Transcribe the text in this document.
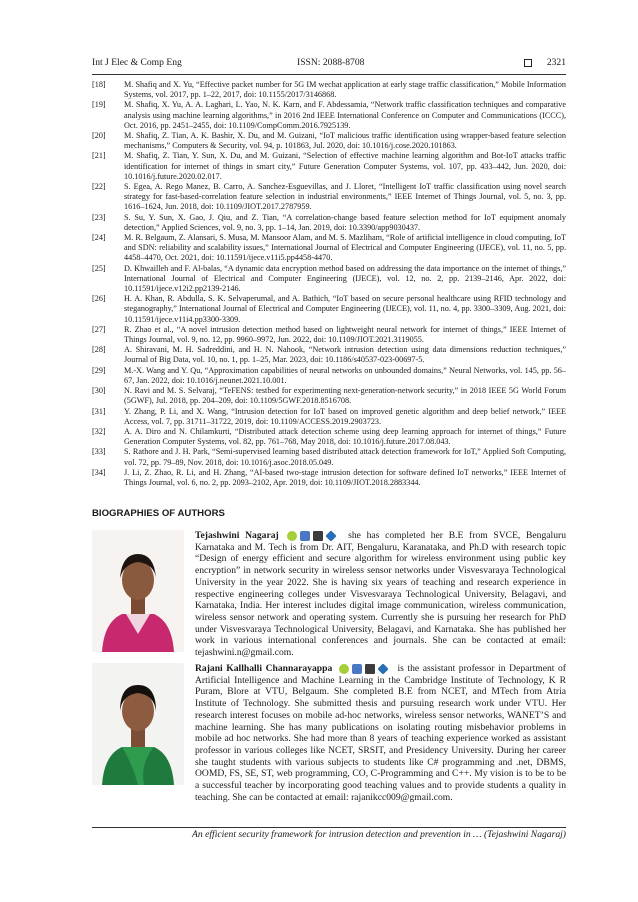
Int J Elec & Comp Eng	ISSN: 2088-8708	2321
[18] M. Shafiq and X. Yu, “Effective packet number for 5G IM wechat application at early stage traffic classification,” Mobile Information Systems, vol. 2017, pp. 1–22, 2017, doi: 10.1155/2017/3146868.
[19] M. Shafiq, X. Yu, A. A. Laghari, L. Yao, N. K. Karn, and F. Abdessamia, “Network traffic classification techniques and comparative analysis using machine learning algorithms,” in 2016 2nd IEEE International Conference on Computer and Communications (ICCC), Oct. 2016, pp. 2451–2455, doi: 10.1109/CompComm.2016.7925139.
[20] M. Shafiq, Z. Tian, A. K. Bashir, X. Du, and M. Guizani, “IoT malicious traffic identification using wrapper-based feature selection mechanisms,” Computers & Security, vol. 94, p. 101863, Jul. 2020, doi: 10.1016/j.cose.2020.101863.
[21] M. Shafiq, Z. Tian, Y. Sun, X. Du, and M. Guizani, “Selection of effective machine learning algorithm and Bot-IoT attacks traffic identification for internet of things in smart city,” Future Generation Computer Systems, vol. 107, pp. 433–442, Jun. 2020, doi: 10.1016/j.future.2020.02.017.
[22] S. Egea, A. Rego Manez, B. Carro, A. Sanchez-Esguevillas, and J. Lloret, “Intelligent IoT traffic classification using novel search strategy for fast-based-correlation feature selection in industrial environments,” IEEE Internet of Things Journal, vol. 5, no. 3, pp. 1616–1624, Jun. 2018, doi: 10.1109/JIOT.2017.2787959.
[23] S. Su, Y. Sun, X. Gao, J. Qiu, and Z. Tian, “A correlation-change based feature selection method for IoT equipment anomaly detection,” Applied Sciences, vol. 9, no. 3, pp. 1–14, Jan. 2019, doi: 10.3390/app9030437.
[24] M. R. Belgaum, Z. Alansari, S. Musa, M. Mansoor Alam, and M. S. Mazliham, “Role of artificial intelligence in cloud computing, IoT and SDN: reliability and scalability issues,” International Journal of Electrical and Computer Engineering (IJECE), vol. 11, no. 5, pp. 4458–4470, Oct. 2021, doi: 10.11591/ijece.v11i5.pp4458-4470.
[25] D. Khwailleh and F. Al-balas, “A dynamic data encryption method based on addressing the data importance on the internet of things,” International Journal of Electrical and Computer Engineering (IJECE), vol. 12, no. 2, pp. 2139–2146, Apr. 2022, doi: 10.11591/ijece.v12i2.pp2139-2146.
[26] H. A. Khan, R. Abdulla, S. K. Selvaperumal, and A. Bathich, “IoT based on secure personal healthcare using RFID technology and steganography,” International Journal of Electrical and Computer Engineering (IJECE), vol. 11, no. 4, pp. 3300–3309, Aug. 2021, doi: 10.11591/ijece.v11i4.pp3300-3309.
[27] R. Zhao et al., “A novel intrusion detection method based on lightweight neural network for internet of things,” IEEE Internet of Things Journal, vol. 9, no. 12, pp. 9960–9972, Jun. 2022, doi: 10.1109/JIOT.2021.3119055.
[28] A. Shiravani, M. H. Sadreddini, and H. N. Nahook, “Network intrusion detection using data dimensions reduction techniques,” Journal of Big Data, vol. 10, no. 1, pp. 1–25, Mar. 2023, doi: 10.1186/s40537-023-00697-5.
[29] M.-X. Wang and Y. Qu, “Approximation capabilities of neural networks on unbounded domains,” Neural Networks, vol. 145, pp. 56–67, Jan. 2022, doi: 10.1016/j.neunet.2021.10.001.
[30] N. Ravi and M. S. Selvaraj, “TeFENS: testbed for experimenting next-generation-network security,” in 2018 IEEE 5G World Forum (5GWF), Jul. 2018, pp. 204–209, doi: 10.1109/5GWF.2018.8516708.
[31] Y. Zhang, P. Li, and X. Wang, “Intrusion detection for IoT based on improved genetic algorithm and deep belief network,” IEEE Access, vol. 7, pp. 31711–31722, 2019, doi: 10.1109/ACCESS.2019.2903723.
[32] A. A. Diro and N. Chilamkurti, “Distributed attack detection scheme using deep learning approach for internet of things,” Future Generation Computer Systems, vol. 82, pp. 761–768, May 2018, doi: 10.1016/j.future.2017.08.043.
[33] S. Rathore and J. H. Park, “Semi-supervised learning based distributed attack detection framework for IoT,” Applied Soft Computing, vol. 72, pp. 79–89, Nov. 2018, doi: 10.1016/j.asoc.2018.05.049.
[34] J. Li, Z. Zhao, R. Li, and H. Zhang, “AI-based two-stage intrusion detection for software defined IoT networks,” IEEE Internet of Things Journal, vol. 6, no. 2, pp. 2093–2102, Apr. 2019, doi: 10.1109/JIOT.2018.2883344.
BIOGRAPHIES OF AUTHORS
Tejashwini Nagaraj	she has completed her B.E from SVCE, Bengaluru Karnataka and M. Tech is from Dr. AIT, Bengaluru, Karanataka, and Ph.D with research topic “Design of energy efficient and secure algorithm for wireless environment using public key encryption” in network security in wireless sensor networks under Visvesvaraya Technological University in the year 2022. She is having six years of teaching and research experience in respective engineering colleges under Visvesvaraya Technological University, Belagavi, and Karnataka, India. Her interest includes digital image communication, wireless communication, wireless sensor network and operating system. Currently she is pursuing her research for PhD under Visvesvaraya Technological University, Belagavi, and Karnataka. She has published her work in various international conferences and journals. She can be contacted at email: tejashwini.n@gmail.com.
Rajani Kallhalli Channarayappa	is the assistant professor in Department of Artificial Intelligence and Machine Learning in the Cambridge Institute of Technology, K R Puram, Blore at VTU, Belgaum. She completed B.E from NCET, and MTech from Atria Institute of Technology. She submitted thesis and pursuing research work under VTU. Her research interest focuses on mobile ad-hoc networks, wireless sensor networks, WANET’S and machine learning. She has many publications on isolating routing misbehavior problems in mobile ad hoc networks. She had more than 8 years of teaching experience worked as assistant professor in various colleges like NCET, SRSIT, and Presidency University. During her career she taught students with various subjects to students like C# programming and .net, DBMS, OOMD, FS, SE, ST, web programming, CO, C-Programming and C++. My vision is to be to be a successful teacher by incorporating good teaching values and to provide students a quality in teaching. She can be contacted at email: rajanikcc009@gmail.com.
An efficient security framework for intrusion detection and prevention in … (Tejashwini Nagaraj)
